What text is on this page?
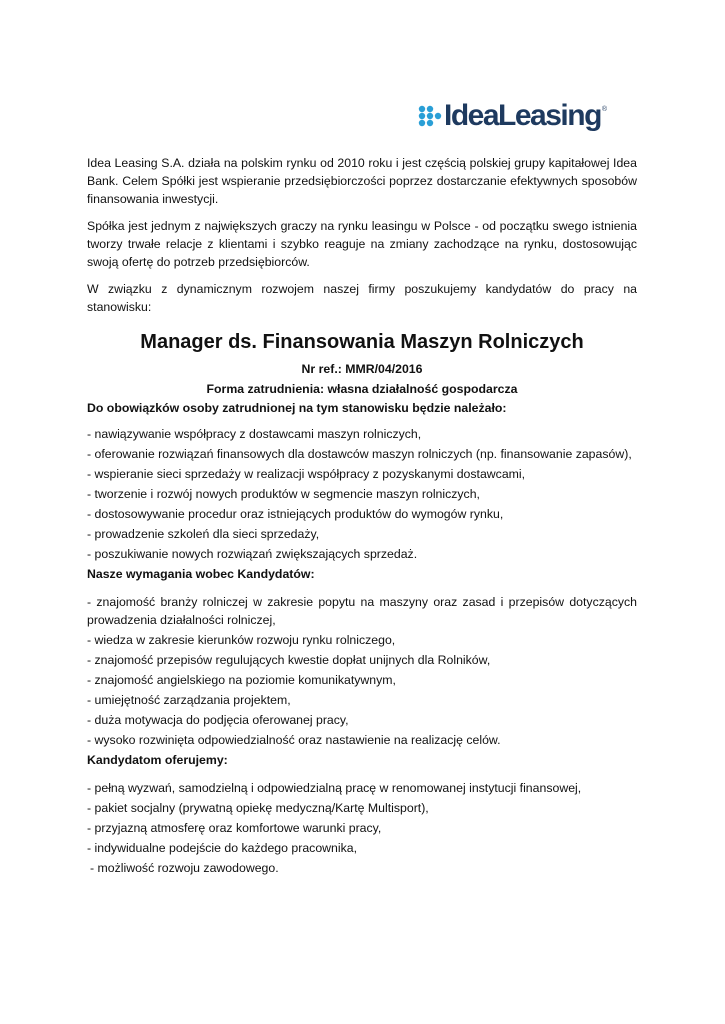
IdeaLeasing ®

Idea Leasing S.A. działa na polskim rynku od 2010 roku i jest częścią polskiej grupy kapitałowej Idea Bank. Celem Spółki jest wspieranie przedsiębiorczości poprzez dostarczanie efektywnych sposobów finansowania inwestycji.

Spółka jest jednym z największych graczy na rynku leasingu w Polsce - od początku swego istnienia tworzy trwałe relacje z klientami i szybko reaguje na zmiany zachodzące na rynku, dostosowując swoją ofertę do potrzeb przedsiębiorców.

W związku z dynamicznym rozwojem naszej firmy poszukujemy kandydatów do pracy na stanowisku:

Manager ds. Finansowania Maszyn Rolniczych
Nr ref.: MMR/04/2016
Forma zatrudnienia: własna działalność gospodarcza
Do obowiązków osoby zatrudnionej na tym stanowisku będzie należało:
- nawiązywanie współpracy z dostawcami maszyn rolniczych,
- oferowanie rozwiązań finansowych dla dostawców maszyn rolniczych (np. finansowanie zapasów),
- wspieranie sieci sprzedaży w realizacji współpracy z pozyskanymi dostawcami,
- tworzenie i rozwój nowych produktów w segmencie maszyn rolniczych,
- dostosowywanie procedur oraz istniejących produktów do wymogów rynku,
- prowadzenie szkoleń dla sieci sprzedaży,
- poszukiwanie nowych rozwiązań zwiększających sprzedaż.
Nasze wymagania wobec Kandydatów:
- znajomość branży rolniczej w zakresie popytu na maszyny oraz zasad i przepisów dotyczących prowadzenia działalności rolniczej,
- wiedza w zakresie kierunków rozwoju rynku rolniczego,
- znajomość przepisów regulujących kwestie dopłat unijnych dla Rolników,
- znajomość angielskiego na poziomie komunikatywnym,
- umiejętność zarządzania projektem,
- duża motywacja do podjęcia oferowanej pracy,
- wysoko rozwinięta odpowiedzialność oraz nastawienie na realizację celów.
Kandydatom oferujemy:
- pełną wyzwań, samodzielną i odpowiedzialną pracę w renomowanej instytucji finansowej,
- pakiet socjalny (prywatną opiekę medyczną/Kartę Multisport),
- przyjazną atmosferę oraz komfortowe warunki pracy,
- indywidualne podejście do każdego pracownika,
- możliwość rozwoju zawodowego.
